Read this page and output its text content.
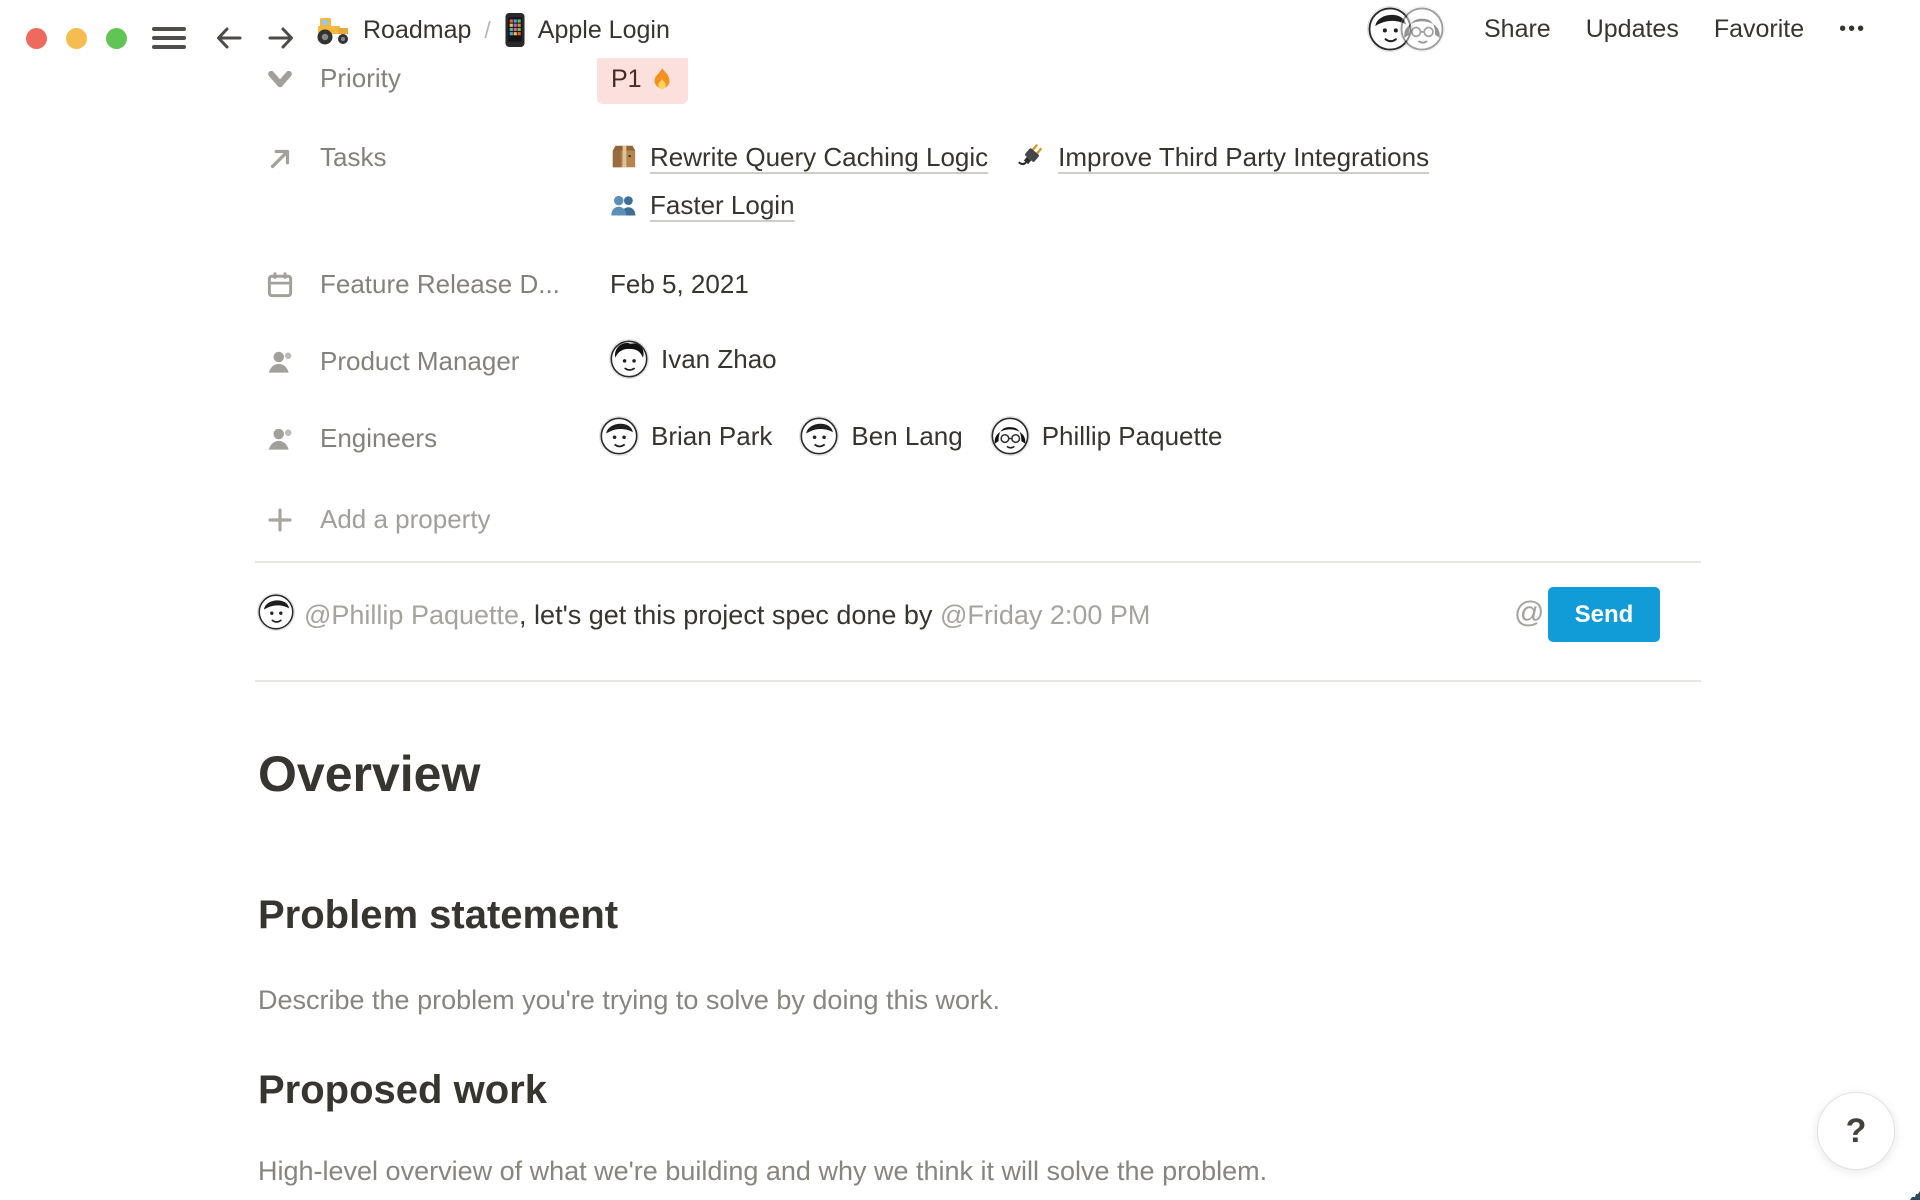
Priority	P1
Tasks	Rewrite Query Caching Logic	Improve Third Party Integrations
Faster Login
Feature Release D...	Feb 5, 2021
Product Manager	Ivan Zhao
Engineers	Brian Park	Ben Lang	Phillip Paquette
Add a property
@Phillip Paquette, let's get this project spec done by @Friday 2:00 PM	@	Send
Overview
Problem statement
Describe the problem you're trying to solve by doing this work.
Proposed work
High-level overview of what we're building and why we think it will solve the problem.
Roadmap / Apple Login	Share Updates Favorite •••
?
